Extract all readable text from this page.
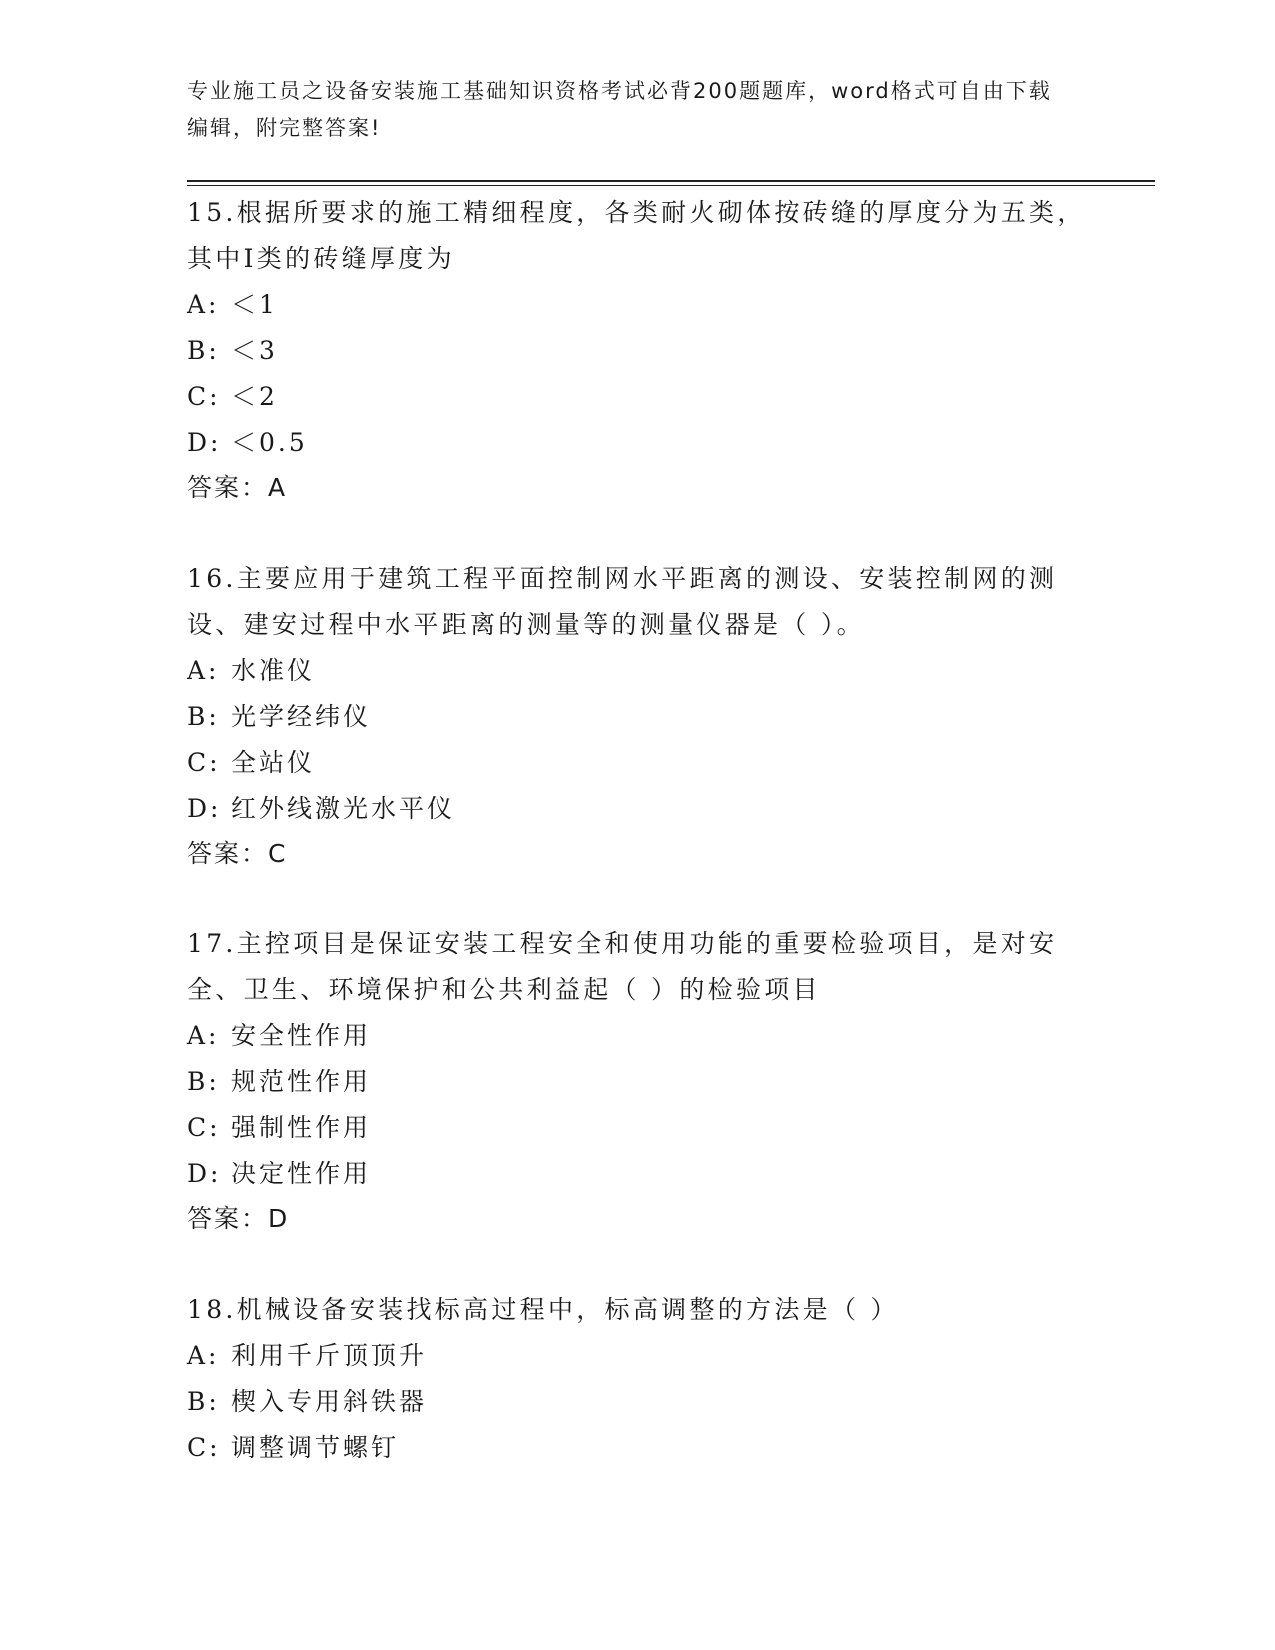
专业施工员之设备安装施工基础知识资格考试必背200题题库，word格式可自由下载编辑，附完整答案!

15.根据所要求的施工精细程度，各类耐火砌体按砖缝的厚度分为五类，其中Ⅰ类的砖缝厚度为

A: ＜1
B: ＜3
C: ＜2
D: ＜0.5
答案：A

16.主要应用于建筑工程平面控制网水平距离的测设、安装控制网的测设、建安过程中水平距离的测量等的测量仪器是（ ）。

A: 水准仪
B: 光学经纬仪
C: 全站仪
D: 红外线激光水平仪
答案：C

17.主控项目是保证安装工程安全和使用功能的重要检验项目，是对安全、卫生、环境保护和公共利益起（ ）的检验项目

A: 安全性作用
B: 规范性作用
C: 强制性作用
D: 决定性作用
答案：D

18.机械设备安装找标高过程中，标高调整的方法是（ ）

A: 利用千斤顶顶升
B: 楔入专用斜铁器
C: 调整调节螺钉
